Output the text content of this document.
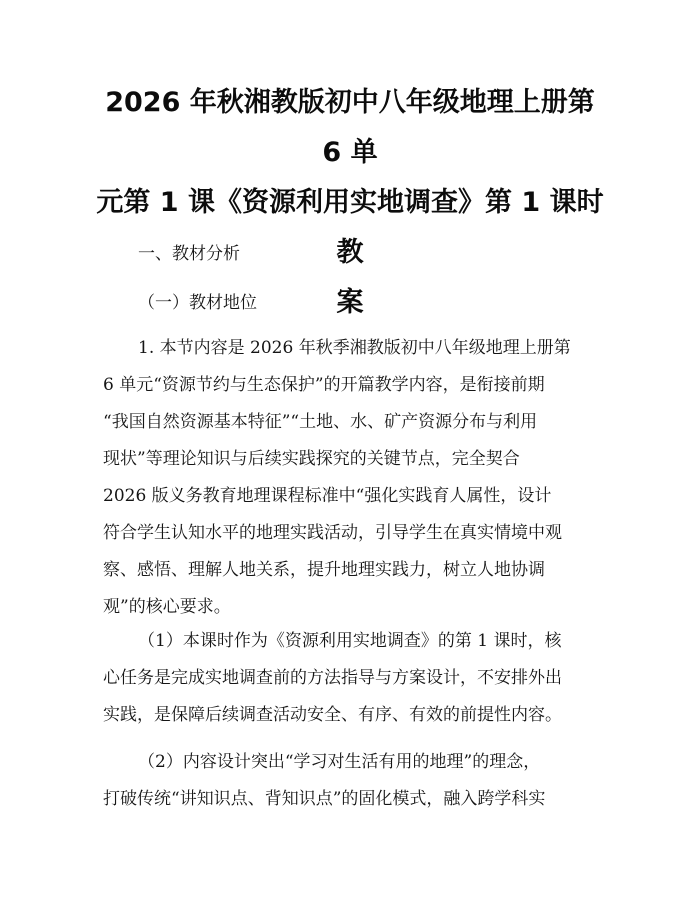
2026 年秋湘教版初中八年级地理上册第 6 单
元第 1 课《资源利用实地调查》第 1 课时教
案

一、教材分析

（一）教材地位

1. 本节内容是 2026 年秋季湘教版初中八年级地理上册第
6 单元“资源节约与生态保护”的开篇教学内容，是衔接前期
“我国自然资源基本特征”“土地、水、矿产资源分布与利用
现状”等理论知识与后续实践探究的关键节点，完全契合
2026 版义务教育地理课程标准中“强化实践育人属性，设计
符合学生认知水平的地理实践活动，引导学生在真实情境中观
察、感悟、理解人地关系，提升地理实践力，树立人地协调
观”的核心要求。

（1）本课时作为《资源利用实地调查》的第 1 课时，核
心任务是完成实地调查前的方法指导与方案设计，不安排外出
实践，是保障后续调查活动安全、有序、有效的前提性内容。

（2）内容设计突出“学习对生活有用的地理”的理念，
打破传统“讲知识点、背知识点”的固化模式，融入跨学科实
